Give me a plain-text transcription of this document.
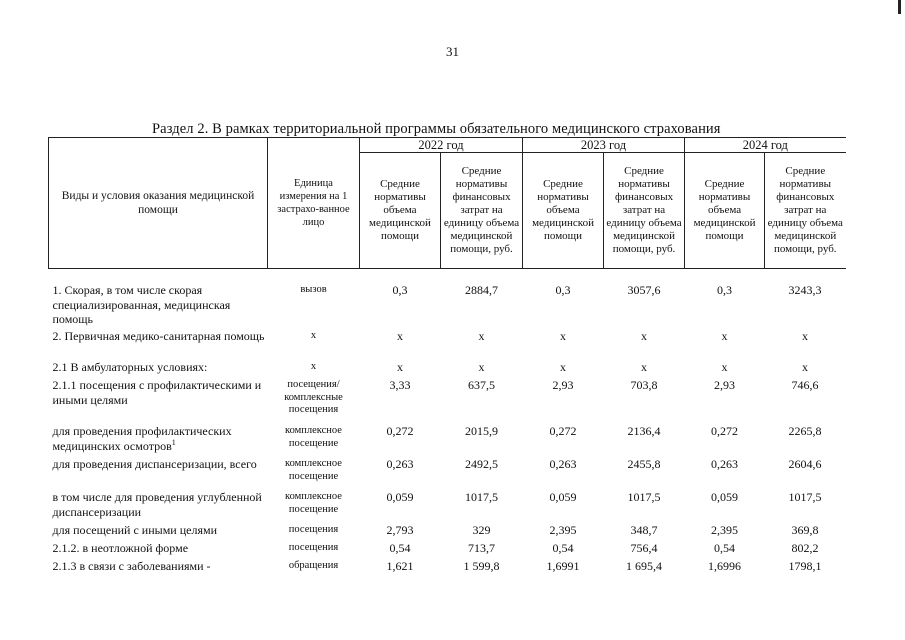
31
Раздел 2. В рамках территориальной программы обязательного медицинского страхования
Виды и условия оказания медицинской помощи	Единица измерения на 1 застрахо-ванное лицо	2022 год		2023 год		2024 год	
		Средние нормативы объема медицинской помощи	Средние нормативы финансовых затрат на единицу объема медицинской помощи, руб.	Средние нормативы объема медицинской помощи	Средние нормативы финансовых затрат на единицу объема медицинской помощи, руб.	Средние нормативы объема медицинской помощи	Средние нормативы финансовых затрат на единицу объема медицинской помощи, руб.

1. Скорая, в том числе скорая специализированная, медицинская помощь	вызов	0,3	2884,7	0,3	3057,6	0,3	3243,3
2. Первичная медико-санитарная помощь	x	x	x	x	x	x	x
2.1 В амбулаторных условиях:	x	x	x	x	x	x	x
2.1.1 посещения с профилактическими и иными целями	посещения/ комплексные посещения	3,33	637,5	2,93	703,8	2,93	746,6
для проведения профилактических медицинских осмотров$^1$	комплексное посещение	0,272	2015,9	0,272	2136,4	0,272	2265,8
для проведения диспансеризации, всего	комплексное посещение	0,263	2492,5	0,263	2455,8	0,263	2604,6
в том числе для проведения углубленной диспансеризации	комплексное посещение	0,059	1017,5	0,059	1017,5	0,059	1017,5
для посещений с иными целями	посещения	2,793	329	2,395	348,7	2,395	369,8
2.1.2. в неотложной форме	посещения	0,54	713,7	0,54	756,4	0,54	802,2
2.1.3 в связи с заболеваниями -	обращения	1,621	1 599,8	1,6991	1 695,4	1,6996	1798,1
